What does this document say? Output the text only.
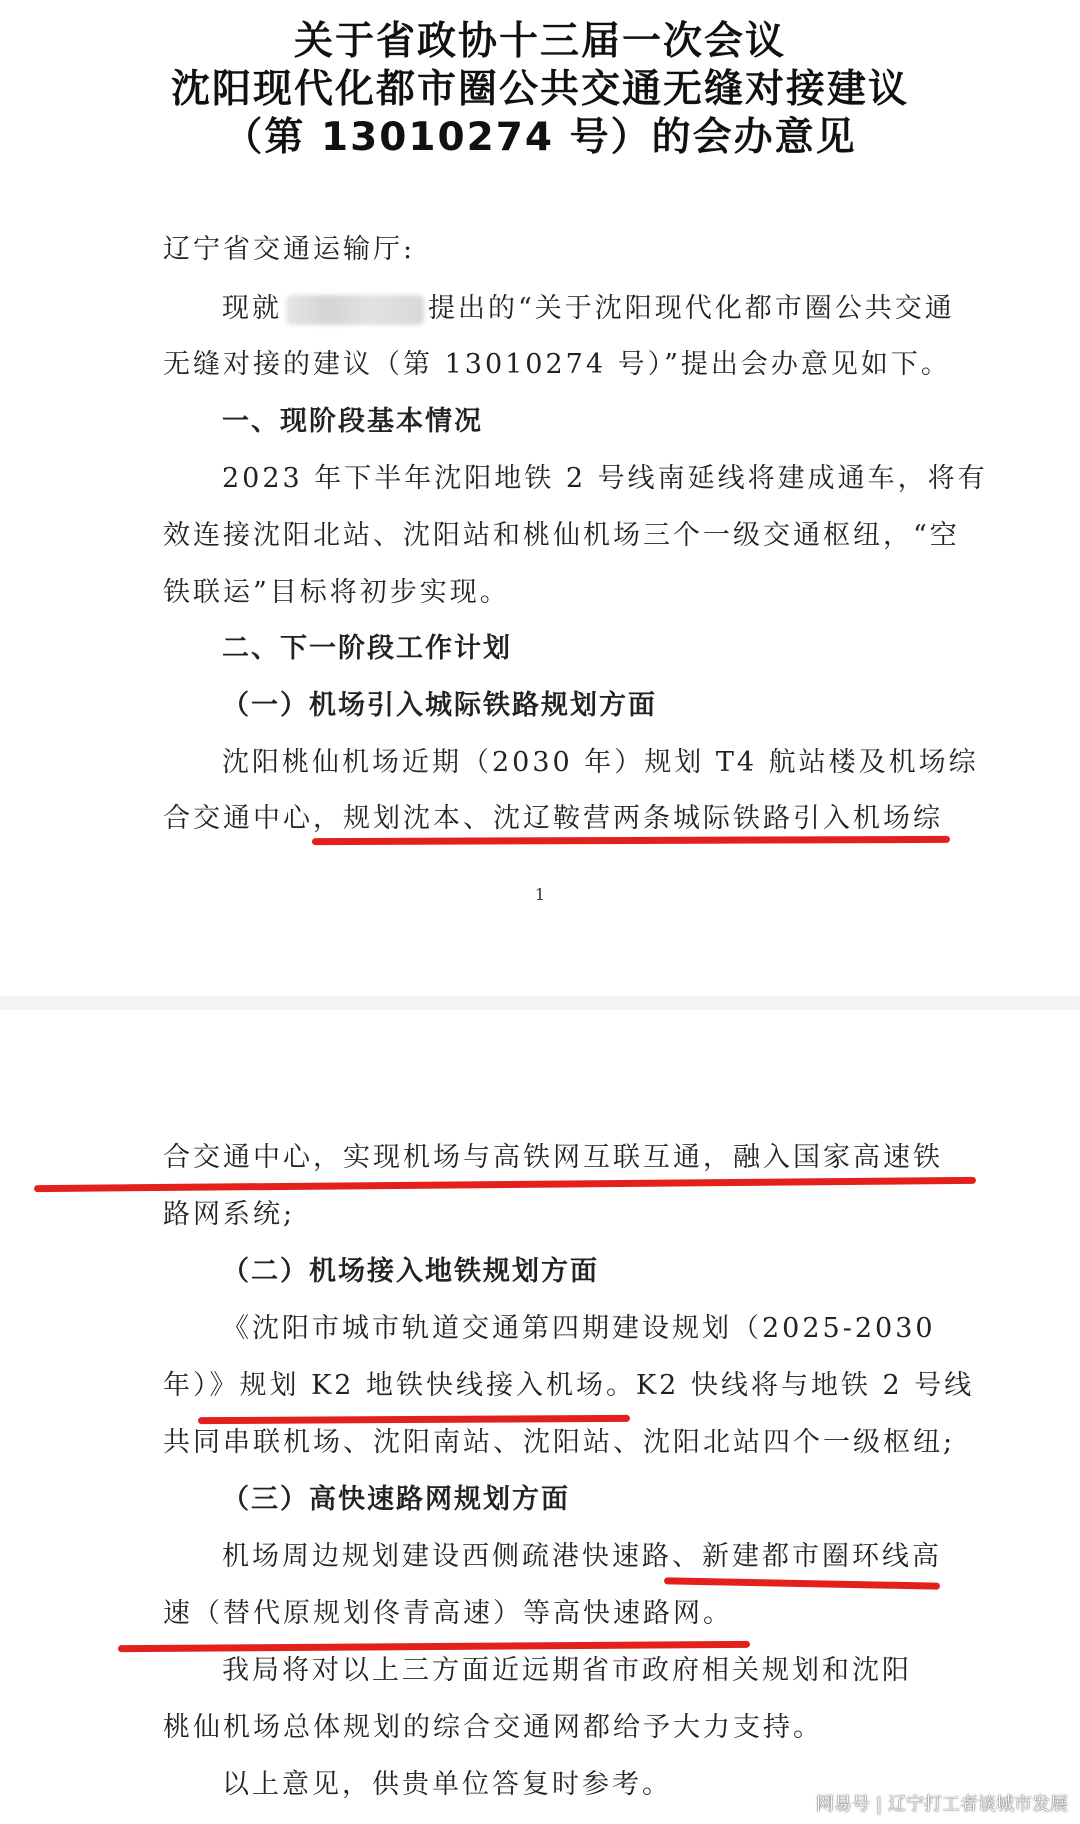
关于省政协十三届一次会议
沈阳现代化都市圈公共交通无缝对接建议
（第 13010274 号）的会办意见
辽宁省交通运输厅:
现就	提出的“关于沈阳现代化都市圈公共交通
无缝对接的建议（第 13010274 号）”提出会办意见如下。
一、现阶段基本情况
2023 年下半年沈阳地铁 2 号线南延线将建成通车，将有
效连接沈阳北站、沈阳站和桃仙机场三个一级交通枢纽，“空
铁联运”目标将初步实现。
二、下一阶段工作计划
（一）机场引入城际铁路规划方面
沈阳桃仙机场近期（2030 年）规划 T4 航站楼及机场综
合交通中心，规划沈本、沈辽鞍营两条城际铁路引入机场综
1
合交通中心，实现机场与高铁网互联互通，融入国家高速铁
路网系统;
（二）机场接入地铁规划方面
《沈阳市城市轨道交通第四期建设规划（2025-2030
年）》规划 K2 地铁快线接入机场。K2 快线将与地铁 2 号线
共同串联机场、沈阳南站、沈阳站、沈阳北站四个一级枢纽;
（三）高快速路网规划方面
机场周边规划建设西侧疏港快速路、新建都市圈环线高
速（替代原规划佟青高速）等高快速路网。
我局将对以上三方面近远期省市政府相关规划和沈阳
桃仙机场总体规划的综合交通网都给予大力支持。
以上意见，供贵单位答复时参考。
网易号 | 辽宁打工者谈城市发展
